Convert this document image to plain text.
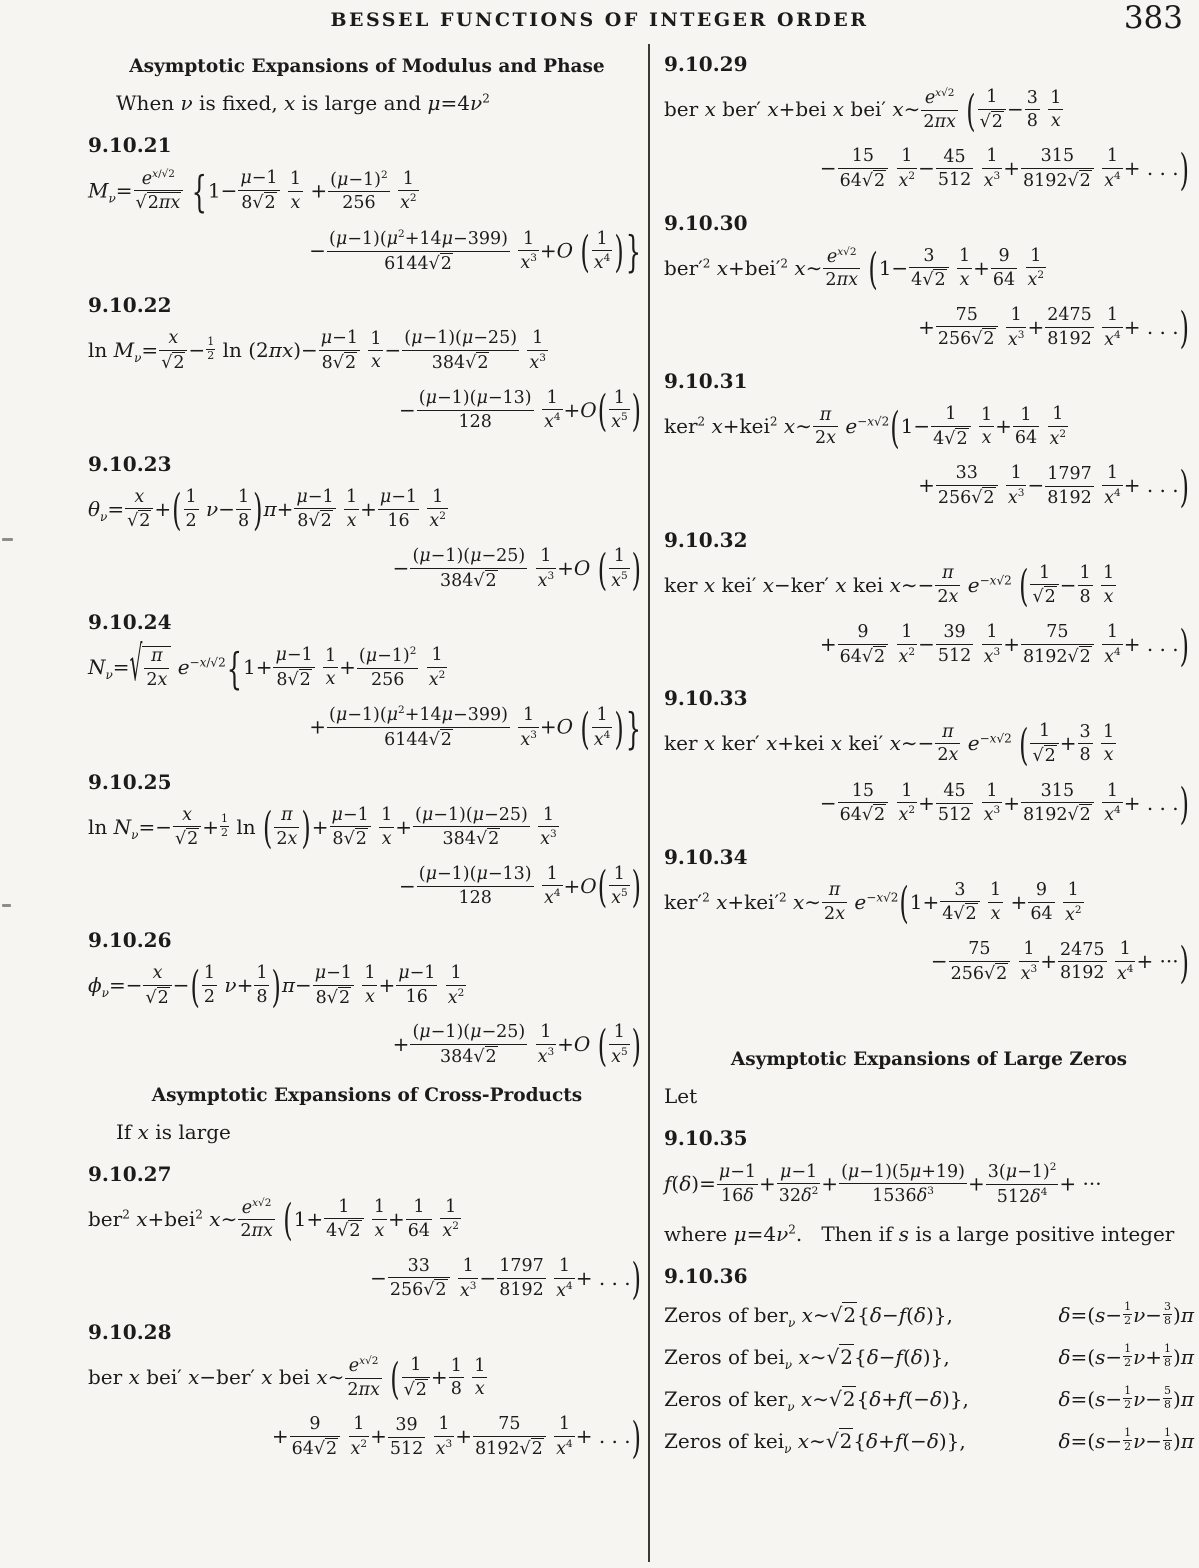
BESSEL FUNCTIONS OF INTEGER ORDER	383
Asymptotic Expansions of Modulus and Phase
When ν is fixed, x is large and $\mu=4\nu^2$
9.10.21
$M_\nu= \frac{e^{x/√2}}{√2\pi x} \{1- \frac{\mu-1}{8√2}$
$\frac{1}{x} + \frac{(\mu-1)^2}{256}$
$\frac{1}{x^2}$
− $\frac{(\mu-1)(\mu^2+14\mu-399)}{6144√2}$
$\frac{1}{x^3} +O$ ( $\frac{1}{x^4}$ )}
9.10.22
$\ln M_\nu= \frac{x}{√2} - \frac{1}{2}$ $\ln (2\pi x)- \frac{\mu-1}{8√2}$
$\frac{1}{x} - \frac{(\mu-1)(\mu-25)}{384√2}$
$\frac{1}{x^3}$
− $\frac{(\mu-1)(\mu-13)}{128}$
$\frac{1}{x^4} +O( \frac{1}{x^5}$ )
9.10.23
$\theta_\nu= \frac{x}{√2}$ +( $\frac{1}{2} \nu- \frac{1}{8} )\pi+ \frac{\mu-1}{8√2}$
$\frac{1}{x} + \frac{\mu-1}{16}$
$\frac{1}{x^2}$
− $\frac{(\mu-1)(\mu-25)}{384√2}$
$\frac{1}{x^3} +O$ ( $\frac{1}{x^5}$ )
9.10.24
$N_\nu=√ \frac{\pi}{2x} e^{-x/√2}\{1+ \frac{\mu-1}{8√2}$
$\frac{1}{x} + \frac{(\mu-1)^2}{256}$
$\frac{1}{x^2}$
+ $\frac{(\mu-1)(\mu^2+14\mu-399)}{6144√2}$
$\frac{1}{x^3} +O$ ( $\frac{1}{x^4}$ )}
9.10.25
$\ln N_\nu=- \frac{x}{√2} + \frac{1}{2}$ ln ( $\frac{\pi}{2x}$ )+ $\frac{\mu-1}{8√2}$
$\frac{1}{x} + \frac{(\mu-1)(\mu-25)}{384√2}$
$\frac{1}{x^3}$
− $\frac{(\mu-1)(\mu-13)}{128}$
$\frac{1}{x^4} +O( \frac{1}{x^5}$ )
9.10.26
$\phi_\nu=- \frac{x}{√2}$ −( $\frac{1}{2} \nu+ \frac{1}{8} )\pi- \frac{\mu-1}{8√2}$
$\frac{1}{x} + \frac{\mu-1}{16}$
$\frac{1}{x^2}$
+ $\frac{(\mu-1)(\mu-25)}{384√2}$
$\frac{1}{x^3} +O$ ( $\frac{1}{x^5}$ )
Asymptotic Expansions of Cross-Products
If x is large
9.10.27
ber$^2$ x+bei$^2$ x∼ $\frac{e^{x√2}}{2\pi x} (1+ \frac{1}{4√2}$
$\frac{1}{x} + \frac{1}{64}$
$\frac{1}{x^2}$
− $\frac{33}{256√2}$
$\frac{1}{x^3} - \frac{1797}{8192}$
$\frac{1}{x^4}$ + . . .)
9.10.28
ber x bei′ x−ber′ x bei x∼ $\frac{e^{x√2}}{2\pi x}$ ( $\frac{1}{√2} + \frac{1}{8}$
$\frac{1}{x}$
+ $\frac{9}{64√2}$
$\frac{1}{x^2} + \frac{39}{512}$
$\frac{1}{x^3} + \frac{75}{8192√2}$
$\frac{1}{x^4}$ + . . .)
9.10.29
ber x ber′ x+bei x bei′ x∼ $\frac{e^{x√2}}{2\pi x}$ ( $\frac{1}{√2} - \frac{3}{8}$
$\frac{1}{x}$
− $\frac{15}{64√2}$
$\frac{1}{x^2} - \frac{45}{512}$
$\frac{1}{x^3} + \frac{315}{8192√2}$
$\frac{1}{x^4}$ + . . .)
9.10.30
$ber'^2$ $x+bei'^2$ x∼ $\frac{e^{x√2}}{2\pi x} (1- \frac{3}{4√2}$
$\frac{1}{x} + \frac{9}{64}$
$\frac{1}{x^2}$
+ $\frac{75}{256√2}$
$\frac{1}{x^3} + \frac{2475}{8192}$
$\frac{1}{x^4}$ + . . .)
9.10.31
ker$^2$ x+kei$^2$ x∼ $\frac{\pi}{2x} e^{-x√2}(1- \frac{1}{4√2}$
$\frac{1}{x} + \frac{1}{64}$
$\frac{1}{x^2}$
+ $\frac{33}{256√2}$
$\frac{1}{x^3} - \frac{1797}{8192}$
$\frac{1}{x^4}$ + . . .)
9.10.32
ker x kei′ x−ker′ x kei x∼− $\frac{\pi}{2x} e^{-x√2}$ ( $\frac{1}{√2} - \frac{1}{8}$
$\frac{1}{x}$
+ $\frac{9}{64√2}$
$\frac{1}{x^2} - \frac{39}{512}$
$\frac{1}{x^3} + \frac{75}{8192√2}$
$\frac{1}{x^4}$ + . . .)
9.10.33
ker x ker′ x+kei x kei′ x∼− $\frac{\pi}{2x} e^{-x√2}$ ( $\frac{1}{√2} + \frac{3}{8}$
$\frac{1}{x}$
− $\frac{15}{64√2}$
$\frac{1}{x^2} + \frac{45}{512}$
$\frac{1}{x^3} + \frac{315}{8192√2}$
$\frac{1}{x^4}$ + . . .)
9.10.34
$ker'^2$ $x+kei'^2$ x∼ $\frac{\pi}{2x} e^{-x√2}(1+ \frac{3}{4√2}$
$\frac{1}{x} + \frac{9}{64}$
$\frac{1}{x^2}$
− $\frac{75}{256√2}$
$\frac{1}{x^3} + \frac{2475}{8192}$
$\frac{1}{x^4}$ + ···)
Asymptotic Expansions of Large Zeros
Let
9.10.35
$f(\delta)= \frac{\mu-1}{16\delta} + \frac{\mu-1}{32\delta^2} + \frac{(\mu-1)(5\mu+19)}{1536\delta^3} + \frac{3(\mu-1)^2}{512\delta^4}$ + ···
where $\mu=4\nu^2$.   Then if s is a large positive integer
9.10.36
Zeros of ber$_\nu$ x∼√2{δ−f(δ)},	$\delta=(s- \frac{1}{2} \nu- \frac{3}{8} )\pi$
Zeros of bei$_\nu$ x∼√2{δ−f(δ)},	$\delta=(s- \frac{1}{2} \nu+ \frac{1}{8} )\pi$
Zeros of ker$_\nu$ x∼√2{δ+f(−δ)},	$\delta=(s- \frac{1}{2} \nu- \frac{5}{8} )\pi$
Zeros of kei$_\nu$ x∼√2{δ+f(−δ)},	$\delta=(s- \frac{1}{2} \nu- \frac{1}{8} )\pi$
